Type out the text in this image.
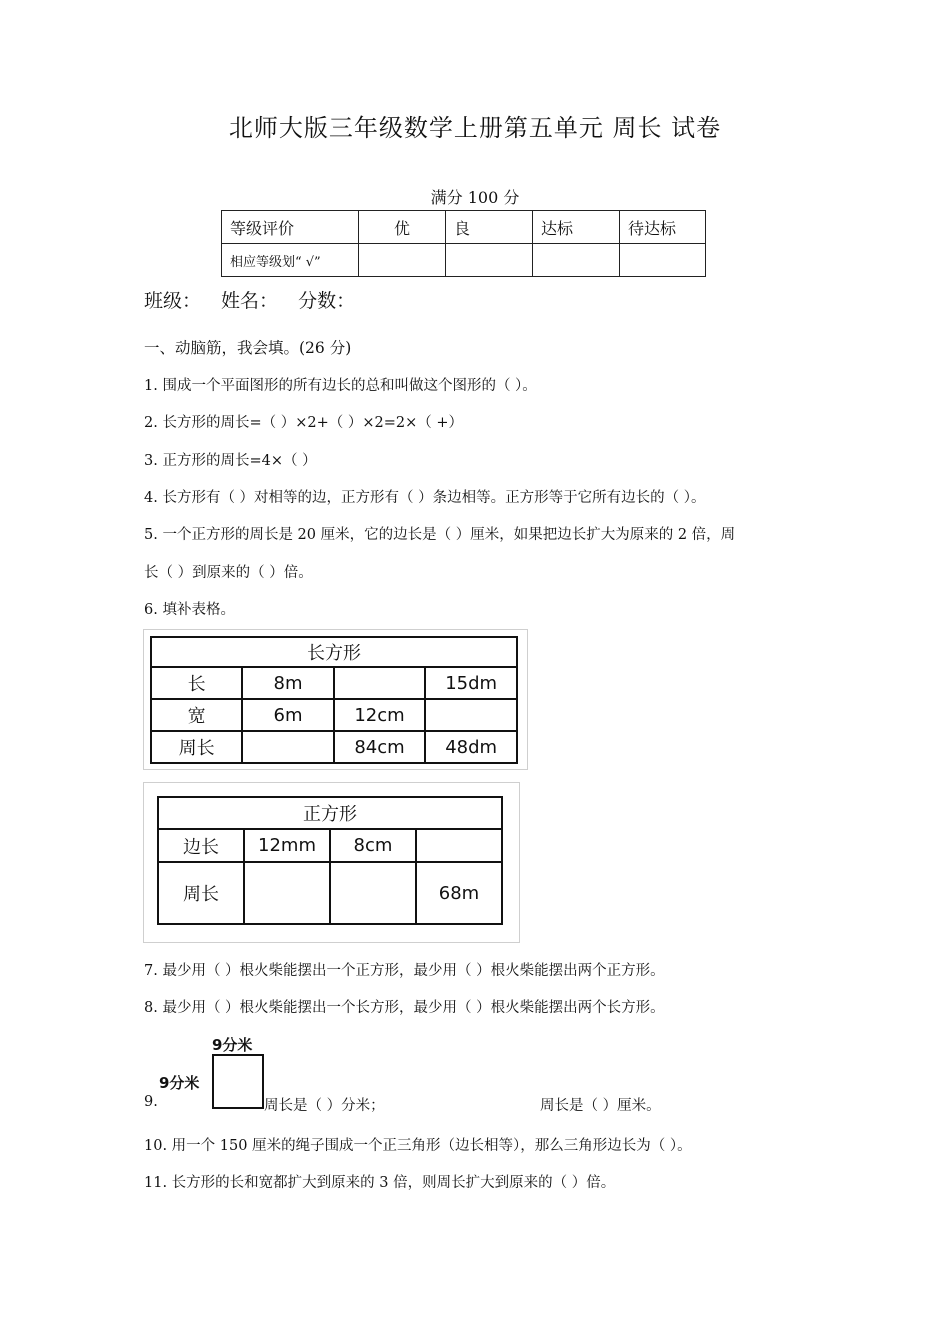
北师大版三年级数学上册第五单元 周长 试卷
满分 100 分
等级评价	优	良	达标	待达标
相应等级划“ √”				
班级： 姓名： 分数：
一、动脑筋，我会填。(26 分)
1. 围成一个平面图形的所有边长的总和叫做这个图形的（ ）。
2. 长方形的周长=（ ）×2+（ ）×2=2×（ +）
3. 正方形的周长=4×（ ）
4. 长方形有（ ）对相等的边，正方形有（ ）条边相等。正方形等于它所有边长的（ ）。
5. 一个正方形的周长是 20 厘米，它的边长是（ ）厘米，如果把边长扩大为原来的 2 倍，周
长（ ）到原来的（ ）倍。
6. 填补表格。
长方形			
长	8m		15dm
宽	6m	12cm	
周长		84cm	48dm
正方形			
边长	12mm	8cm	
周长			68m
7. 最少用（ ）根火柴能摆出一个正方形，最少用（ ）根火柴能摆出两个正方形。
8. 最少用（ ）根火柴能摆出一个长方形，最少用（ ）根火柴能摆出两个长方形。
9.
9分米
9分米
周长是（ ）分米；	周长是（ ）厘米。
10. 用一个 150 厘米的绳子围成一个正三角形（边长相等），那么三角形边长为（ ）。
11. 长方形的长和宽都扩大到原来的 3 倍，则周长扩大到原来的（ ）倍。
